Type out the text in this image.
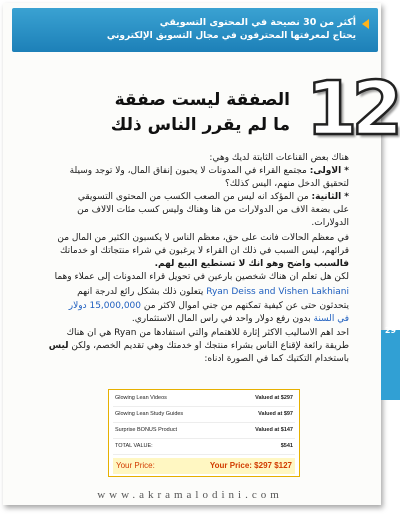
أكثر من 30 نصيحة في المحتوى التسويقي
يحتاج لمعرفتها المحترفون في مجال التسويق الإلكتروني
12
الصفقة ليست صفقة
ما لم يقرر الناس ذلك
29
هناك بعض القناعات الثابتة لديك وهي:
* الأولى: مجتمع القراء في المدونات لا يحبون إنفاق المال، ولا توجد وسيلة
لتحقيق الدخل منهم، أليس كذلك؟
* الثانية: من المؤكد أنه ليس من الصعب الكسب من المحتوى التسويقي
على بضعة آلاف من الدولارات من هنا وهناك وليس كسب مئات الآلاف من
الدولارات.
في معظم الحالات فأنت على حق، معظم الناس لا يكسبون الكثير من المال من
قرائهم، ليس السبب في ذلك أن القراء لا يرغبون في شراء منتجاتك أو خدماتك
فالسبب واضح وهو أنك لا تستطيع البيع لهم.
لكن هل تعلم أن هناك شخصين بارعين في تحويل قراء المدونات إلى عملاء وهما
Ryan Deiss and Vishen Lakhiani يتعلون ذلك بشكل رائع لدرجة أنهم
يتحدثون حتى عن كيفية تمكنهم من جني أموال لأكثر من 15,000,000 دولار
في السنة بدون رفع دولار واحد في رأس المال الاستثماري.
أحد أهم الأساليب الأكثر إثارة للاهتمام والتي استفادها من Ryan هي أن هناك
طريقة رائعة لإقناع الناس بشراء منتجك أو خدمتك وهي تقديم الخصم، ولكن ليس
باستخدام التكتيك كما في الصورة أدناه:
Glowing Lean Videos	Valued at $297
Glowing Lean Study Guides	Valued at $97
Surprise BONUS Product	Valued at $147
TOTAL VALUE:	$541
Your Price:	Your Price: $297 $127
www.akramalodini.com
